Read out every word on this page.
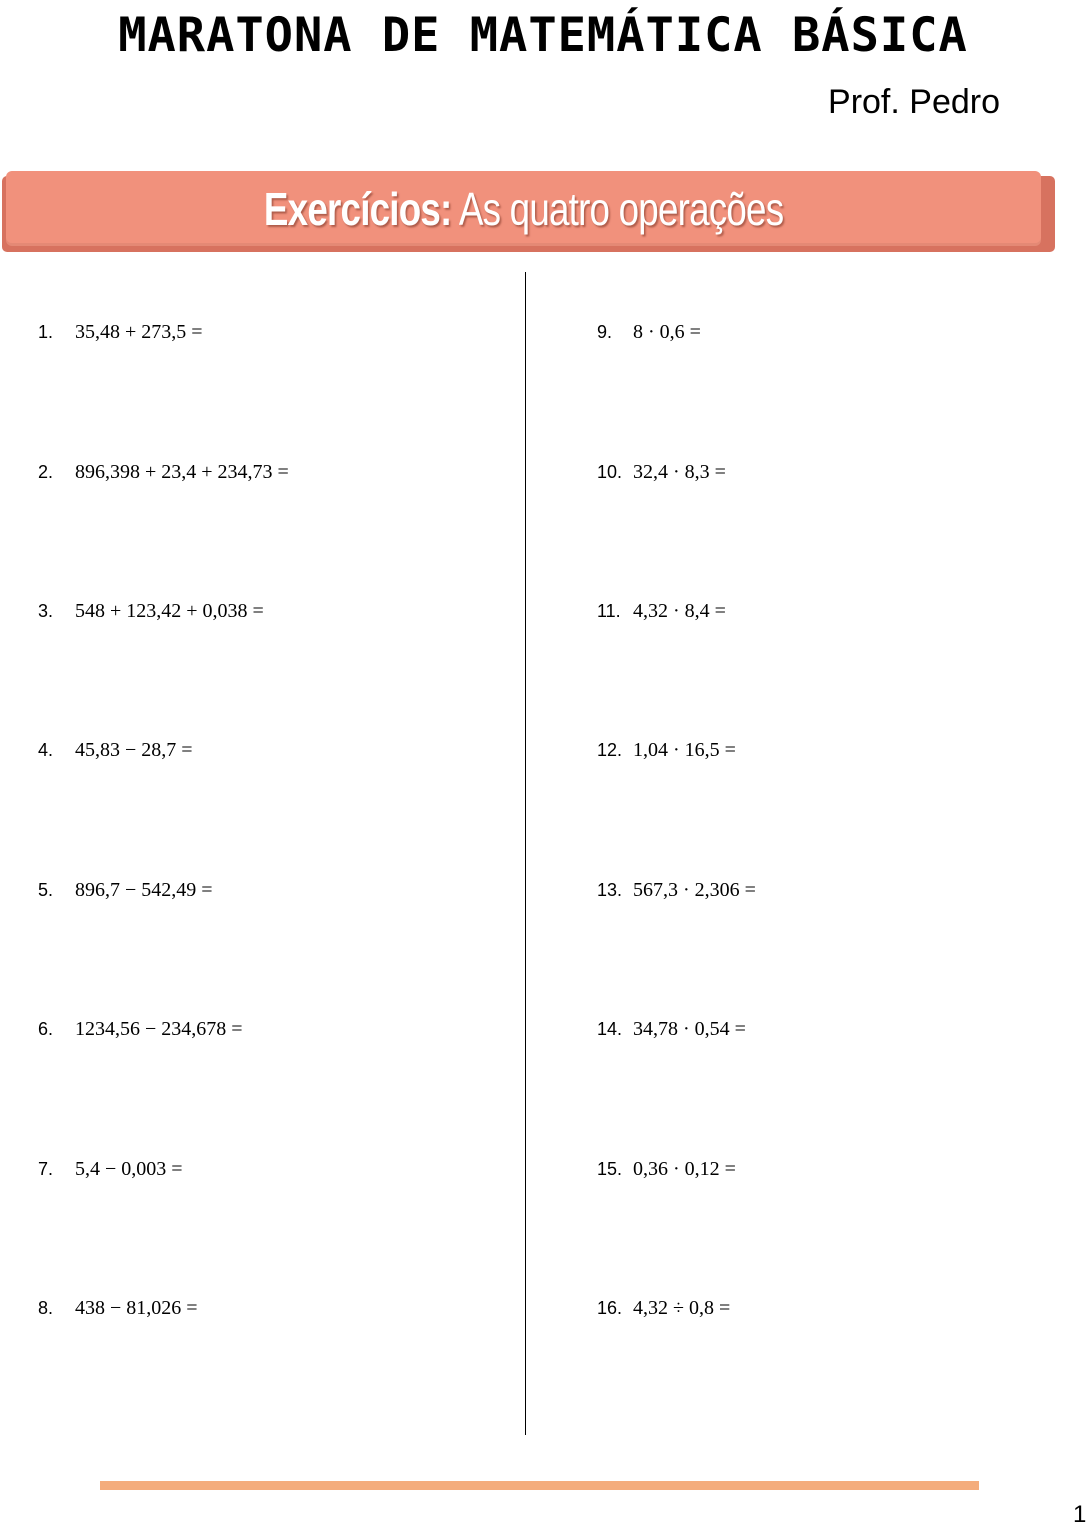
MARATONA DE MATEMÁTICA BÁSICA
Prof. Pedro
Exercícios: As quatro operações
1. 35,48 + 273,5 =
2. 896,398 + 23,4 + 234,73 =
3. 548 + 123,42 + 0,038 =
4. 45,83 − 28,7 =
5. 896,7 − 542,49 =
6. 1234,56 − 234,678 =
7. 5,4 − 0,003 =
8. 438 − 81,026 =
9. 8 · 0,6 =
10. 32,4 · 8,3 =
11. 4,32 · 8,4 =
12. 1,04 · 16,5 =
13. 567,3 · 2,306 =
14. 34,78 · 0,54 =
15. 0,36 · 0,12 =
16. 4,32 ÷ 0,8 =
1
